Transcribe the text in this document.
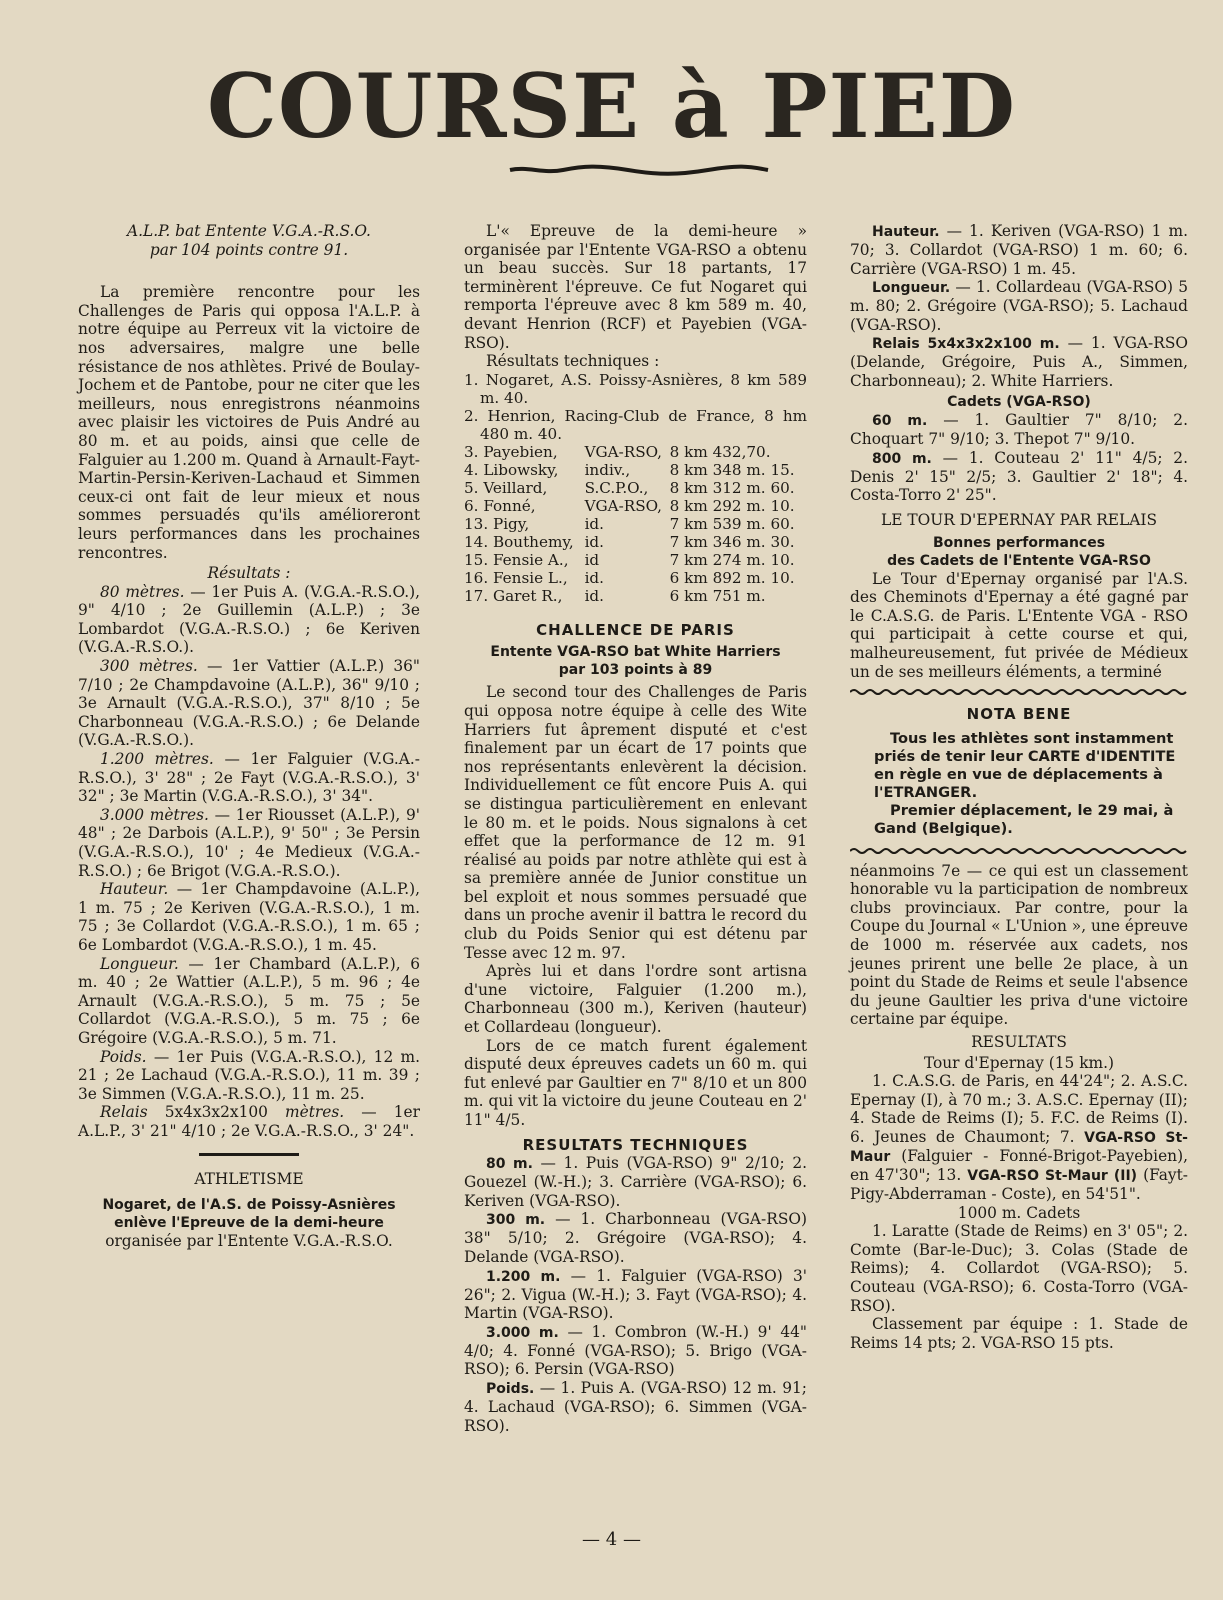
COURSE à PIED

A.L.P. bat Entente V.G.A.-R.S.O.
par 104 points contre 91.

La première rencontre pour les Challenges de Paris qui opposa l'A.L.P. à notre équipe au Perreux vit la victoire de nos adversaires, malgre une belle résistance de nos athlètes. Privé de Boulay-Jochem et de Pantobe, pour ne citer que les meilleurs, nous enregistrons néanmoins avec plaisir les victoires de Puis André au 80 m. et au poids, ainsi que celle de Falguier au 1.200 m. Quand à Arnault-Fayt-Martin-Persin-Keriven-Lachaud et Simmen ceux-ci ont fait de leur mieux et nous sommes persuadés qu'ils amélioreront leurs performances dans les prochaines rencontres.

Résultats :

80 mètres. — 1er Puis A. (V.G.A.-R.S.O.), 9" 4/10 ; 2e Guillemin (A.L.P.) ; 3e Lombardot (V.G.A.-R.S.O.) ; 6e Keriven (V.G.A.-R.S.O.).

300 mètres. — 1er Vattier (A.L.P.) 36" 7/10 ; 2e Champdavoine (A.L.P.), 36" 9/10 ; 3e Arnault (V.G.A.-R.S.O.), 37" 8/10 ; 5e Charbonneau (V.G.A.-R.S.O.) ; 6e Delande (V.G.A.-R.S.O.).

1.200 mètres. — 1er Falguier (V.G.A.-R.S.O.), 3' 28" ; 2e Fayt (V.G.A.-R.S.O.), 3' 32" ; 3e Martin (V.G.A.-R.S.O.), 3' 34".

3.000 mètres. — 1er Riousset (A.L.P.), 9' 48" ; 2e Darbois (A.L.P.), 9' 50" ; 3e Persin (V.G.A.-R.S.O.), 10' ; 4e Medieux (V.G.A.-R.S.O.) ; 6e Brigot (V.G.A.-R.S.O.).

Hauteur. — 1er Champdavoine (A.L.P.), 1 m. 75 ; 2e Keriven (V.G.A.-R.S.O.), 1 m. 75 ; 3e Collardot (V.G.A.-R.S.O.), 1 m. 65 ; 6e Lombardot (V.G.A.-R.S.O.), 1 m. 45.

Longueur. — 1er Chambard (A.L.P.), 6 m. 40 ; 2e Wattier (A.L.P.), 5 m. 96 ; 4e Arnault (V.G.A.-R.S.O.), 5 m. 75 ; 5e Collardot (V.G.A.-R.S.O.), 5 m. 75 ; 6e Grégoire (V.G.A.-R.S.O.), 5 m. 71.

Poids. — 1er Puis (V.G.A.-R.S.O.), 12 m. 21 ; 2e Lachaud (V.G.A.-R.S.O.), 11 m. 39 ; 3e Simmen (V.G.A.-R.S.O.), 11 m. 25.

Relais 5x4x3x2x100 mètres. — 1er A.L.P., 3' 21" 4/10 ; 2e V.G.A.-R.S.O., 3' 24".

ATHLETISME

Nogaret, de l'A.S. de Poissy-Asnières enlève l'Epreuve de la demi-heure

organisée par l'Entente V.G.A.-R.S.O.

L'« Epreuve de la demi-heure » organisée par l'Entente VGA-RSO a obtenu un beau succès. Sur 18 partants, 17 terminèrent l'épreuve. Ce fut Nogaret qui remporta l'épreuve avec 8 km 589 m. 40, devant Henrion (RCF) et Payebien (VGA-RSO).

Résultats techniques :

1. Nogaret, A.S. Poissy-Asnières, 8 km 589 m. 40.		
2. Henrion, Racing-Club de France, 8 hm 480 m. 40.		
3. Payebien,	VGA-RSO,	8 km 432,70.
4. Libowsky,	indiv.,	8 km 348 m. 15.
5. Veillard,	S.C.P.O.,	8 km 312 m. 60.
6. Fonné,	VGA-RSO,	8 km 292 m. 10.
13. Pigy,	id.	7 km 539 m. 60.
14. Bouthemy,	id.	7 km 346 m. 30.
15. Fensie A.,	id	7 km 274 m. 10.
16. Fensie L.,	id.	6 km 892 m. 10.
17. Garet R.,	id.	6 km 751 m.

CHALLENCE DE PARIS

Entente VGA-RSO bat White Harriers
par 103 points à 89

Le second tour des Challenges de Paris qui opposa notre équipe à celle des Wite Harriers fut âprement disputé et c'est finalement par un écart de 17 points que nos représentants enlevèrent la décision. Individuellement ce fût encore Puis A. qui se distingua particulièrement en enlevant le 80 m. et le poids. Nous signalons à cet effet que la performance de 12 m. 91 réalisé au poids par notre athlète qui est à sa première année de Junior constitue un bel exploit et nous sommes persuadé que dans un proche avenir il battra le record du club du Poids Senior qui est détenu par Tesse avec 12 m. 97.

Après lui et dans l'ordre sont artisna d'une victoire, Falguier (1.200 m.), Charbonneau (300 m.), Keriven (hauteur) et Collardeau (longueur).

Lors de ce match furent également disputé deux épreuves cadets un 60 m. qui fut enlevé par Gaultier en 7" 8/10 et un 800 m. qui vit la victoire du jeune Couteau en 2' 11" 4/5.

RESULTATS TECHNIQUES

80 m. — 1. Puis (VGA-RSO) 9" 2/10; 2. Gouezel (W.-H.); 3. Carrière (VGA-RSO); 6. Keriven (VGA-RSO).

300 m. — 1. Charbonneau (VGA-RSO) 38" 5/10; 2. Grégoire (VGA-RSO); 4. Delande (VGA-RSO).

1.200 m. — 1. Falguier (VGA-RSO) 3' 26"; 2. Vigua (W.-H.); 3. Fayt (VGA-RSO); 4. Martin (VGA-RSO).

3.000 m. — 1. Combron (W.-H.) 9' 44" 4/0; 4. Fonné (VGA-RSO); 5. Brigo (VGA-RSO); 6. Persin (VGA-RSO)

Poids. — 1. Puis A. (VGA-RSO) 12 m. 91; 4. Lachaud (VGA-RSO); 6. Simmen (VGA-RSO).

Hauteur. — 1. Keriven (VGA-RSO) 1 m. 70; 3. Collardot (VGA-RSO) 1 m. 60; 6. Carrière (VGA-RSO) 1 m. 45.

Longueur. — 1. Collardeau (VGA-RSO) 5 m. 80; 2. Grégoire (VGA-RSO); 5. Lachaud (VGA-RSO).

Relais 5x4x3x2x100 m. — 1. VGA-RSO (Delande, Grégoire, Puis A., Simmen, Charbonneau); 2. White Harriers.

Cadets (VGA-RSO)

60 m. — 1. Gaultier 7" 8/10; 2. Choquart 7" 9/10; 3. Thepot 7" 9/10.

800 m. — 1. Couteau 2' 11" 4/5; 2. Denis 2' 15" 2/5; 3. Gaultier 2' 18"; 4. Costa-Torro 2' 25".

LE TOUR D'EPERNAY PAR RELAIS

Bonnes performances
des Cadets de l'Entente VGA-RSO

Le Tour d'Epernay organisé par l'A.S. des Cheminots d'Epernay a été gagné par le C.A.S.G. de Paris. L'Entente VGA - RSO qui participait à cette course et qui, malheureusement, fut privée de Médieux un de ses meilleurs éléments, a terminé

NOTA BENE

Tous les athlètes sont instamment priés de tenir leur CARTE d'IDENTITE en règle en vue de déplacements à l'ETRANGER.

Premier déplacement, le 29 mai, à Gand (Belgique).

néanmoins 7e — ce qui est un classement honorable vu la participation de nombreux clubs provinciaux. Par contre, pour la Coupe du Journal « L'Union », une épreuve de 1000 m. réservée aux cadets, nos jeunes prirent une belle 2e place, à un point du Stade de Reims et seule l'absence du jeune Gaultier les priva d'une victoire certaine par équipe.

RESULTATS

Tour d'Epernay (15 km.)

1. C.A.S.G. de Paris, en 44'24"; 2. A.S.C. Epernay (I), à 70 m.; 3. A.S.C. Epernay (II); 4. Stade de Reims (I); 5. F.C. de Reims (I). 6. Jeunes de Chaumont; 7. VGA-RSO St-Maur (Falguier - Fonné-Brigot-Payebien), en 47'30"; 13. VGA-RSO St-Maur (II) (Fayt-Pigy-Abderraman - Coste), en 54'51".

1000 m. Cadets

1. Laratte (Stade de Reims) en 3' 05"; 2. Comte (Bar-le-Duc); 3. Colas (Stade de Reims); 4. Collardot (VGA-RSO); 5. Couteau (VGA-RSO); 6. Costa-Torro (VGA-RSO).

Classement par équipe : 1. Stade de Reims 14 pts; 2. VGA-RSO 15 pts.

— 4 —
